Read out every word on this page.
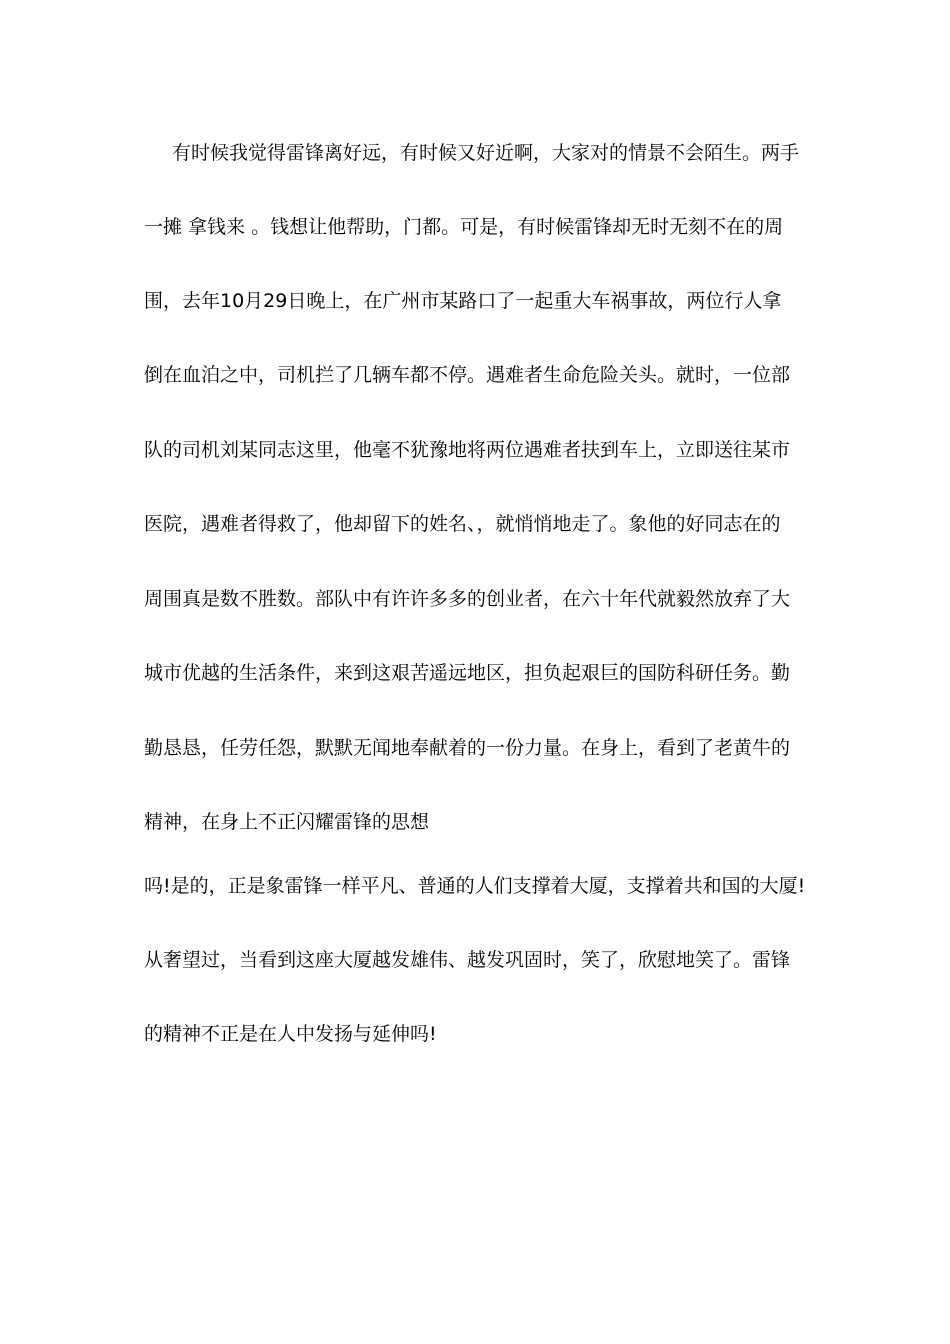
有时候我觉得雷锋离好远，有时候又好近啊，大家对的情景不会陌生。两手
一摊 拿钱来 。钱想让他帮助，门都。可是，有时候雷锋却无时无刻不在的周
围，去年10月29日晚上，在广州市某路口了一起重大车祸事故，两位行人拿
倒在血泊之中，司机拦了几辆车都不停。遇难者生命危险关头。就时，一位部
队的司机刘某同志这里，他毫不犹豫地将两位遇难者扶到车上，立即送往某市
医院，遇难者得救了，他却留下的姓名、，就悄悄地走了。象他的好同志在的
周围真是数不胜数。部队中有许许多多的创业者，在六十年代就毅然放弃了大
城市优越的生活条件，来到这艰苦遥远地区，担负起艰巨的国防科研任务。勤
勤恳恳，任劳任怨，默默无闻地奉献着的一份力量。在身上，看到了老黄牛的
精神，在身上不正闪耀雷锋的思想
吗!是的，正是象雷锋一样平凡、普通的人们支撑着大厦，支撑着共和国的大厦!
从奢望过，当看到这座大厦越发雄伟、越发巩固时，笑了，欣慰地笑了。雷锋
的精神不正是在人中发扬与延伸吗!
